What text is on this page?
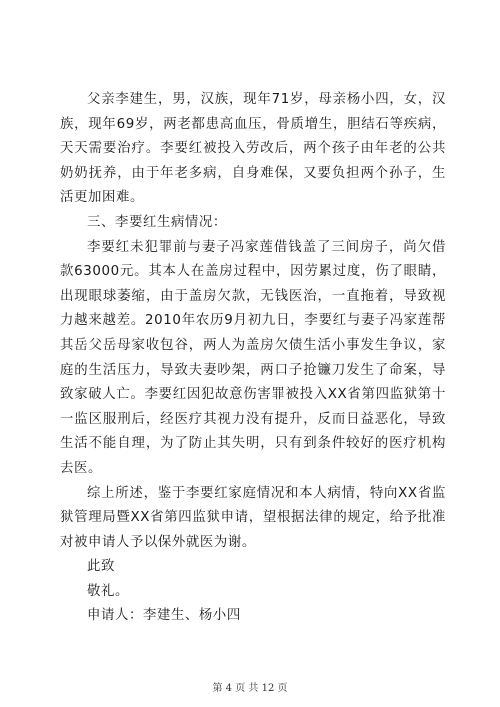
父亲李建生，男，汉族，现年71岁，母亲杨小四，女，汉族，现年69岁，两老都患高血压，骨质增生，胆结石等疾病，天天需要治疗。李要红被投入劳改后，两个孩子由年老的公共奶奶抚养，由于年老多病，自身难保，又要负担两个孙子，生活更加困难。

三、李要红生病情况：

李要红未犯罪前与妻子冯家莲借钱盖了三间房子，尚欠借款63000元。其本人在盖房过程中，因劳累过度，伤了眼睛，出现眼球萎缩，由于盖房欠款，无钱医治，一直拖着，导致视力越来越差。2010年农历9月初九日，李要红与妻子冯家莲帮其岳父岳母家收包谷，两人为盖房欠债生活小事发生争议，家庭的生活压力，导致夫妻吵架，两口子抢镰刀发生了命案，导致家破人亡。李要红因犯故意伤害罪被投入XX省第四监狱第十一监区服刑后，经医疗其视力没有提升，反而日益恶化，导致生活不能自理，为了防止其失明，只有到条件较好的医疗机构去医。

综上所述，鉴于李要红家庭情况和本人病情，特向XX省监狱管理局暨XX省第四监狱申请，望根据法律的规定，给予批准对被申请人予以保外就医为谢。

此致

敬礼。

申请人：李建生、杨小四

第 4 页 共 12 页
